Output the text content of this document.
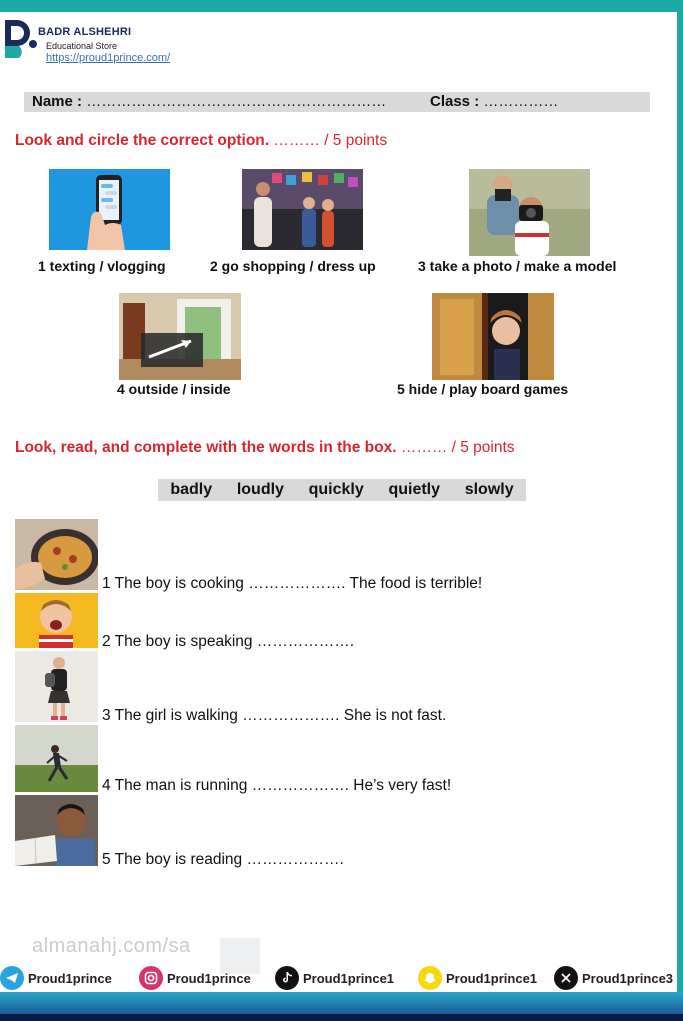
BADR ALSHEHRI
Educational Store
https://proud1prince.com/
Name : ……………………………………………………	Class : ……………
Look and circle the correct option. ……… / 5 points
1 texting / vlogging	2 go shopping / dress up	3 take a photo / make a model
4 outside / inside	5 hide / play board games
Look, read, and complete with the words in the box. ……… / 5 points
badly loudly quickly quietly slowly
1 The boy is cooking ………………. The food is terrible!
2 The boy is speaking ……………….
3 The girl is walking ………………. She is not fast.
4 The man is running ………………. He’s very fast!
5 The boy is reading ……………….
almanahj.com/sa
Proud1prince	Proud1prince	Proud1prince1	Proud1prince1	Proud1prince3
